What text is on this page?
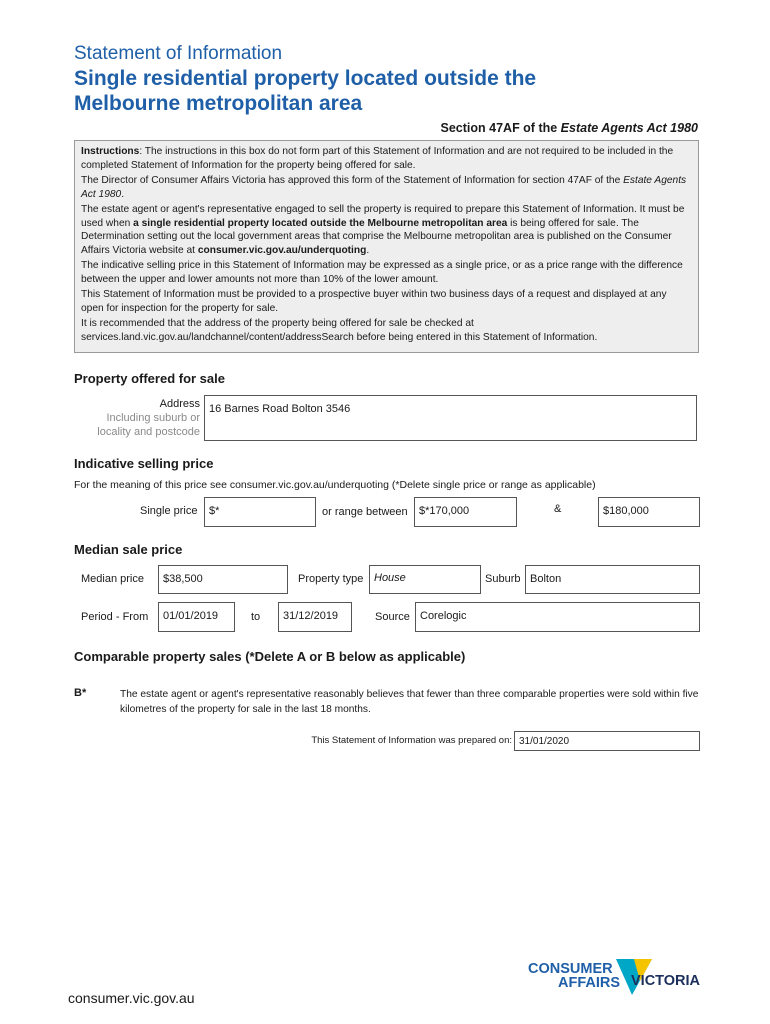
Statement of Information
Single residential property located outside the
Melbourne metropolitan area
Section 47AF of the Estate Agents Act 1980

Instructions: The instructions in this box do not form part of this Statement of Information and are not required to be included in the completed Statement of Information for the property being offered for sale.

The Director of Consumer Affairs Victoria has approved this form of the Statement of Information for section 47AF of the Estate Agents Act 1980.

The estate agent or agent's representative engaged to sell the property is required to prepare this Statement of Information. It must be used when a single residential property located outside the Melbourne metropolitan area is being offered for sale. The Determination setting out the local government areas that comprise the Melbourne metropolitan area is published on the Consumer Affairs Victoria website at consumer.vic.gov.au/underquoting.

The indicative selling price in this Statement of Information may be expressed as a single price, or as a price range with the difference between the upper and lower amounts not more than 10% of the lower amount.

This Statement of Information must be provided to a prospective buyer within two business days of a request and displayed at any open for inspection for the property for sale.

It is recommended that the address of the property being offered for sale be checked at services.land.vic.gov.au/landchannel/content/addressSearch before being entered in this Statement of Information.

Property offered for sale
Address
Including suburb or
locality and postcode
16 Barnes Road Bolton 3546
Indicative selling price
For the meaning of this price see consumer.vic.gov.au/underquoting (*Delete single price or range as applicable)
Single price $*	or range between $*170,000	&	$180,000
Median sale price
Median price $38,500	Property type House	Suburb Bolton
Period - From 01/01/2019	to 31/12/2019	Source Corelogic
Comparable property sales (*Delete A or B below as applicable)
B*	The estate agent or agent's representative reasonably believes that fewer than three comparable properties were sold within five kilometres of the property for sale in the last 18 months.
This Statement of Information was prepared on: 31/01/2020
CONSUMER
AFFAIRS VICTORIA
consumer.vic.gov.au
